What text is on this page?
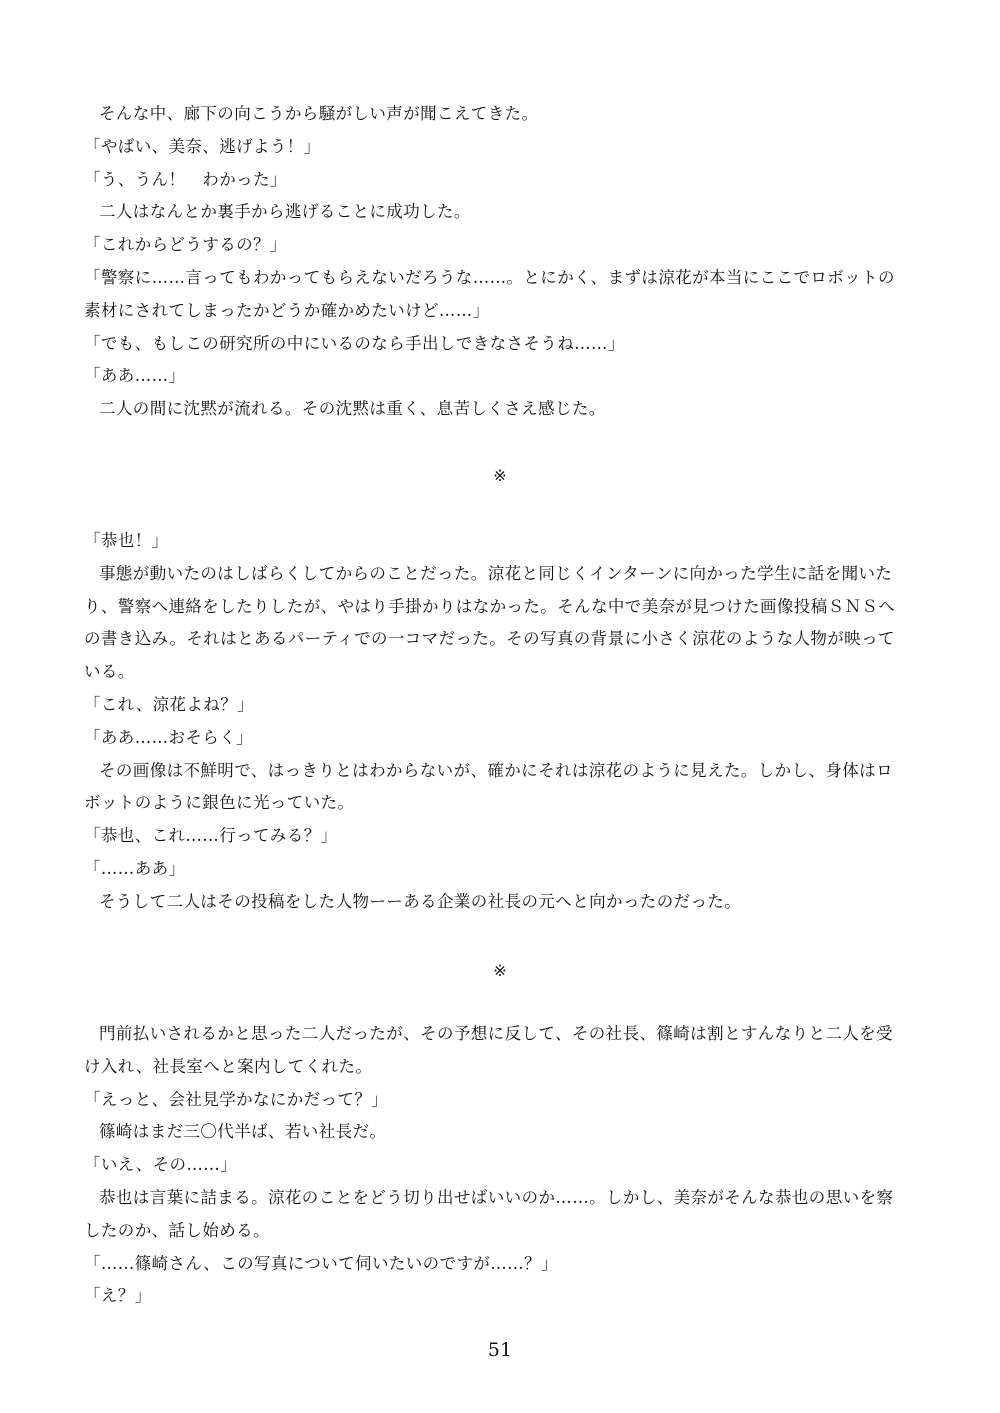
そんな中、廊下の向こうから騒がしい声が聞こえてきた。
「やばい、美奈、逃げよう！」
「う、うん！　わかった」
二人はなんとか裏手から逃げることに成功した。
「これからどうするの？」
「警察に……言ってもわかってもらえないだろうな……。とにかく、まずは涼花が本当にここでロボットの
素材にされてしまったかどうか確かめたいけど……」
「でも、もしこの研究所の中にいるのなら手出しできなさそうね……」
「ああ……」
二人の間に沈黙が流れる。その沈黙は重く、息苦しくさえ感じた。
※
「恭也！」
事態が動いたのはしばらくしてからのことだった。涼花と同じくインターンに向かった学生に話を聞いた
り、警察へ連絡をしたりしたが、やはり手掛かりはなかった。そんな中で美奈が見つけた画像投稿ＳＮＳへ
の書き込み。それはとあるパーティでの一コマだった。その写真の背景に小さく涼花のような人物が映って
いる。
「これ、涼花よね？」
「ああ……おそらく」
その画像は不鮮明で、はっきりとはわからないが、確かにそれは涼花のように見えた。しかし、身体はロ
ボットのように銀色に光っていた。
「恭也、これ……行ってみる？」
「……ああ」
そうして二人はその投稿をした人物ーーある企業の社長の元へと向かったのだった。
※
門前払いされるかと思った二人だったが、その予想に反して、その社長、篠崎は割とすんなりと二人を受
け入れ、社長室へと案内してくれた。
「えっと、会社見学かなにかだって？」
篠崎はまだ三〇代半ば、若い社長だ。
「いえ、その……」
恭也は言葉に詰まる。涼花のことをどう切り出せばいいのか……。しかし、美奈がそんな恭也の思いを察
したのか、話し始める。
「……篠崎さん、この写真について伺いたいのですが……？」
「え？」
51
